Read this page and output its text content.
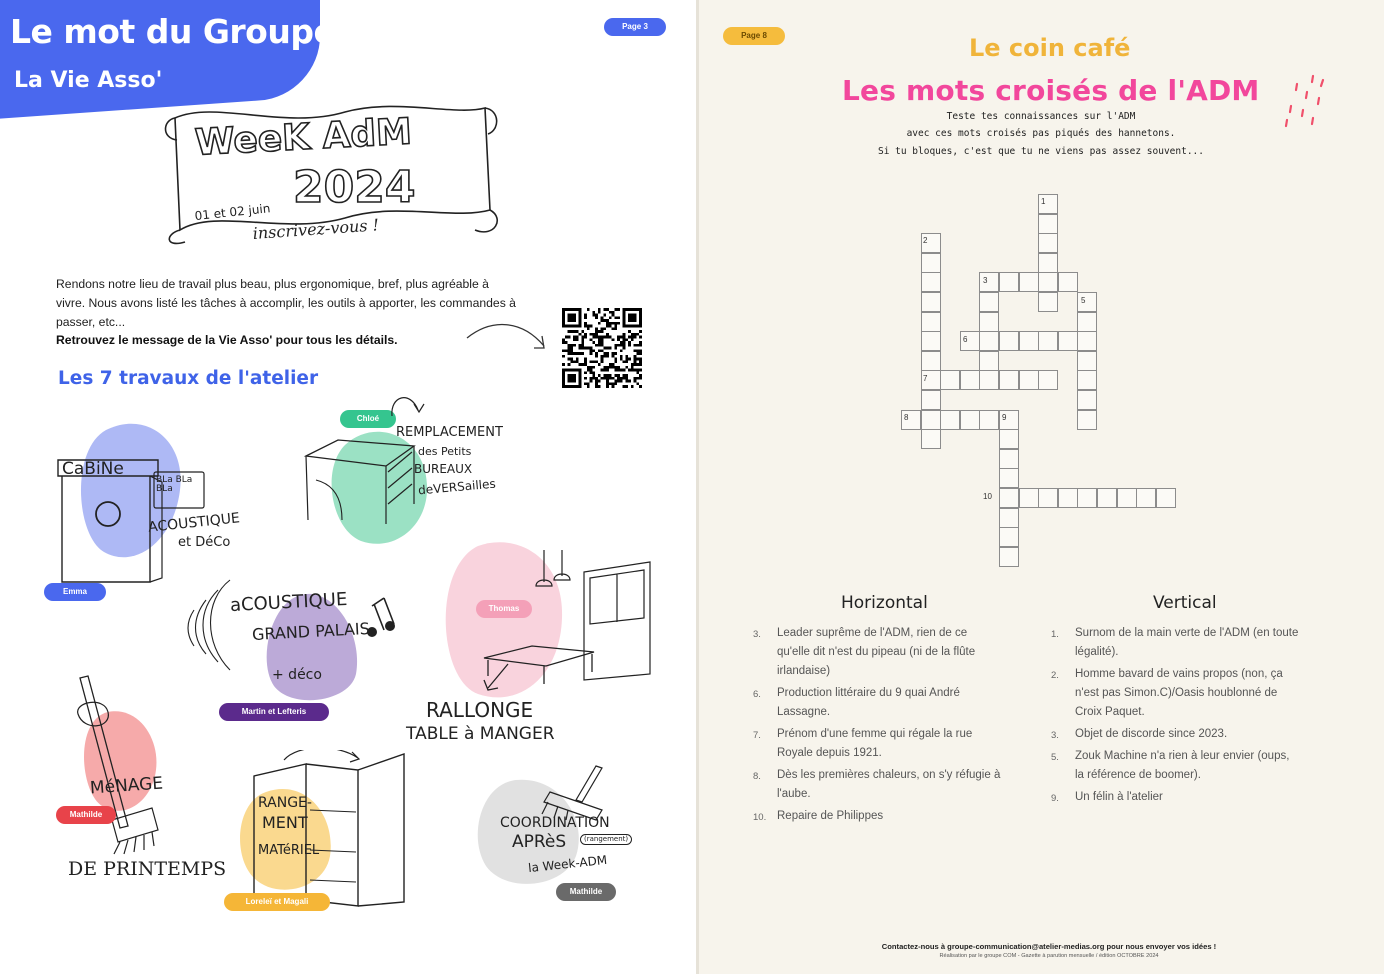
Le mot du Groupe
La Vie Asso'
Page 3
WeeK AdM
2024
01 et 02 juin
inscrivez-vous !
Rendons notre lieu de travail plus beau, plus ergonomique, bref, plus agréable à vivre. Nous avons listé les tâches à accomplir, les outils à apporter, les commandes à passer, etc...
Retrouvez le message de la Vie Asso' pour tous les détails.
Les 7 travaux de l'atelier
CaBiNe
BLa BLa BLa
ACOUSTIQUE
et DéCo
Emma
Chloé
REMPLACEMENT
des Petits
BUREAUX
deVERSailles
aCOUSTIQUE
GRAND PALAIS
+ déco
Martin et Lefteris
Thomas
RALLONGE
TABLE à MANGER
MéNAGE
Mathilde
DE PRINTEMPS
RANGE-
MENT
MATéRIEL
Loreleï et Magali
COORDINATION
APRèS	(rangement)
la Week-ADM
Mathilde
Page 8	Le coin café
Les mots croisés de l'ADM
Teste tes connaissances sur l'ADM
avec ces mots croisés pas piqués des hannetons.
Si tu bloques, c'est que tu ne viens pas assez souvent...
1
2
3
5
6
7
8	9
10
Horizontal	Vertical
3. Leader suprême de l'ADM, rien de ce qu'elle dit n'est du pipeau (ni de la flûte irlandaise)
6. Production littéraire du 9 quai André Lassagne.
7. Prénom d'une femme qui régale la rue Royale depuis 1921.
8. Dès les premières chaleurs, on s'y réfugie à l'aube.
10. Repaire de Philippes
1. Surnom de la main verte de l'ADM (en toute légalité).
2. Homme bavard de vains propos (non, ça n'est pas Simon.C)/Oasis houblonné de Croix Paquet.
3. Objet de discorde since 2023.
5. Zouk Machine n'a rien à leur envier (oups, la référence de boomer).
9. Un félin à l'atelier
Contactez-nous à groupe-communication@atelier-medias.org pour nous envoyer vos idées !
Réalisation par le groupe COM - Gazette à parution mensuelle / édition OCTOBRE 2024
